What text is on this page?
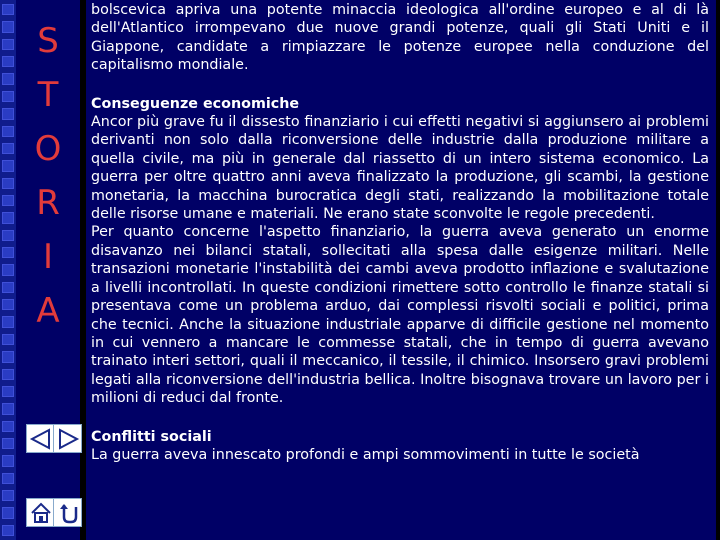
S
T
O
R
I
A

bolscevica apriva una potente minaccia ideologica all'ordine europeo e al di là dell'Atlantico irrompevano due nuove grandi potenze, quali gli Stati Uniti e il Giappone, candidate a rimpiazzare le potenze europee nella conduzione del capitalismo mondiale.

Conseguenze economiche

Ancor più grave fu il dissesto finanziario i cui effetti negativi si aggiunsero ai problemi derivanti non solo dalla riconversione delle industrie dalla produzione militare a quella civile, ma più in generale dal riassetto di un intero sistema economico. La guerra per oltre quattro anni aveva finalizzato la produzione, gli scambi, la gestione monetaria, la macchina burocratica degli stati, realizzando la mobilitazione totale delle risorse umane e materiali. Ne erano state sconvolte le regole precedenti.

Per quanto concerne l'aspetto finanziario, la guerra aveva generato un enorme disavanzo nei bilanci statali, sollecitati alla spesa dalle esigenze militari. Nelle transazioni monetarie l'instabilità dei cambi aveva prodotto inflazione e svalutazione a livelli incontrollati. In queste condizioni rimettere sotto controllo le finanze statali si presentava come un problema arduo, dai complessi risvolti sociali e politici, prima che tecnici. Anche la situazione industriale apparve di difficile gestione nel momento in cui vennero a mancare le commesse statali, che in tempo di guerra avevano trainato interi settori, quali il meccanico, il tessile, il chimico. Insorsero gravi problemi legati alla riconversione dell'industria bellica. Inoltre bisognava trovare un lavoro per i milioni di reduci dal fronte.

Conflitti sociali

La guerra aveva innescato profondi e ampi sommovimenti in tutte le società
